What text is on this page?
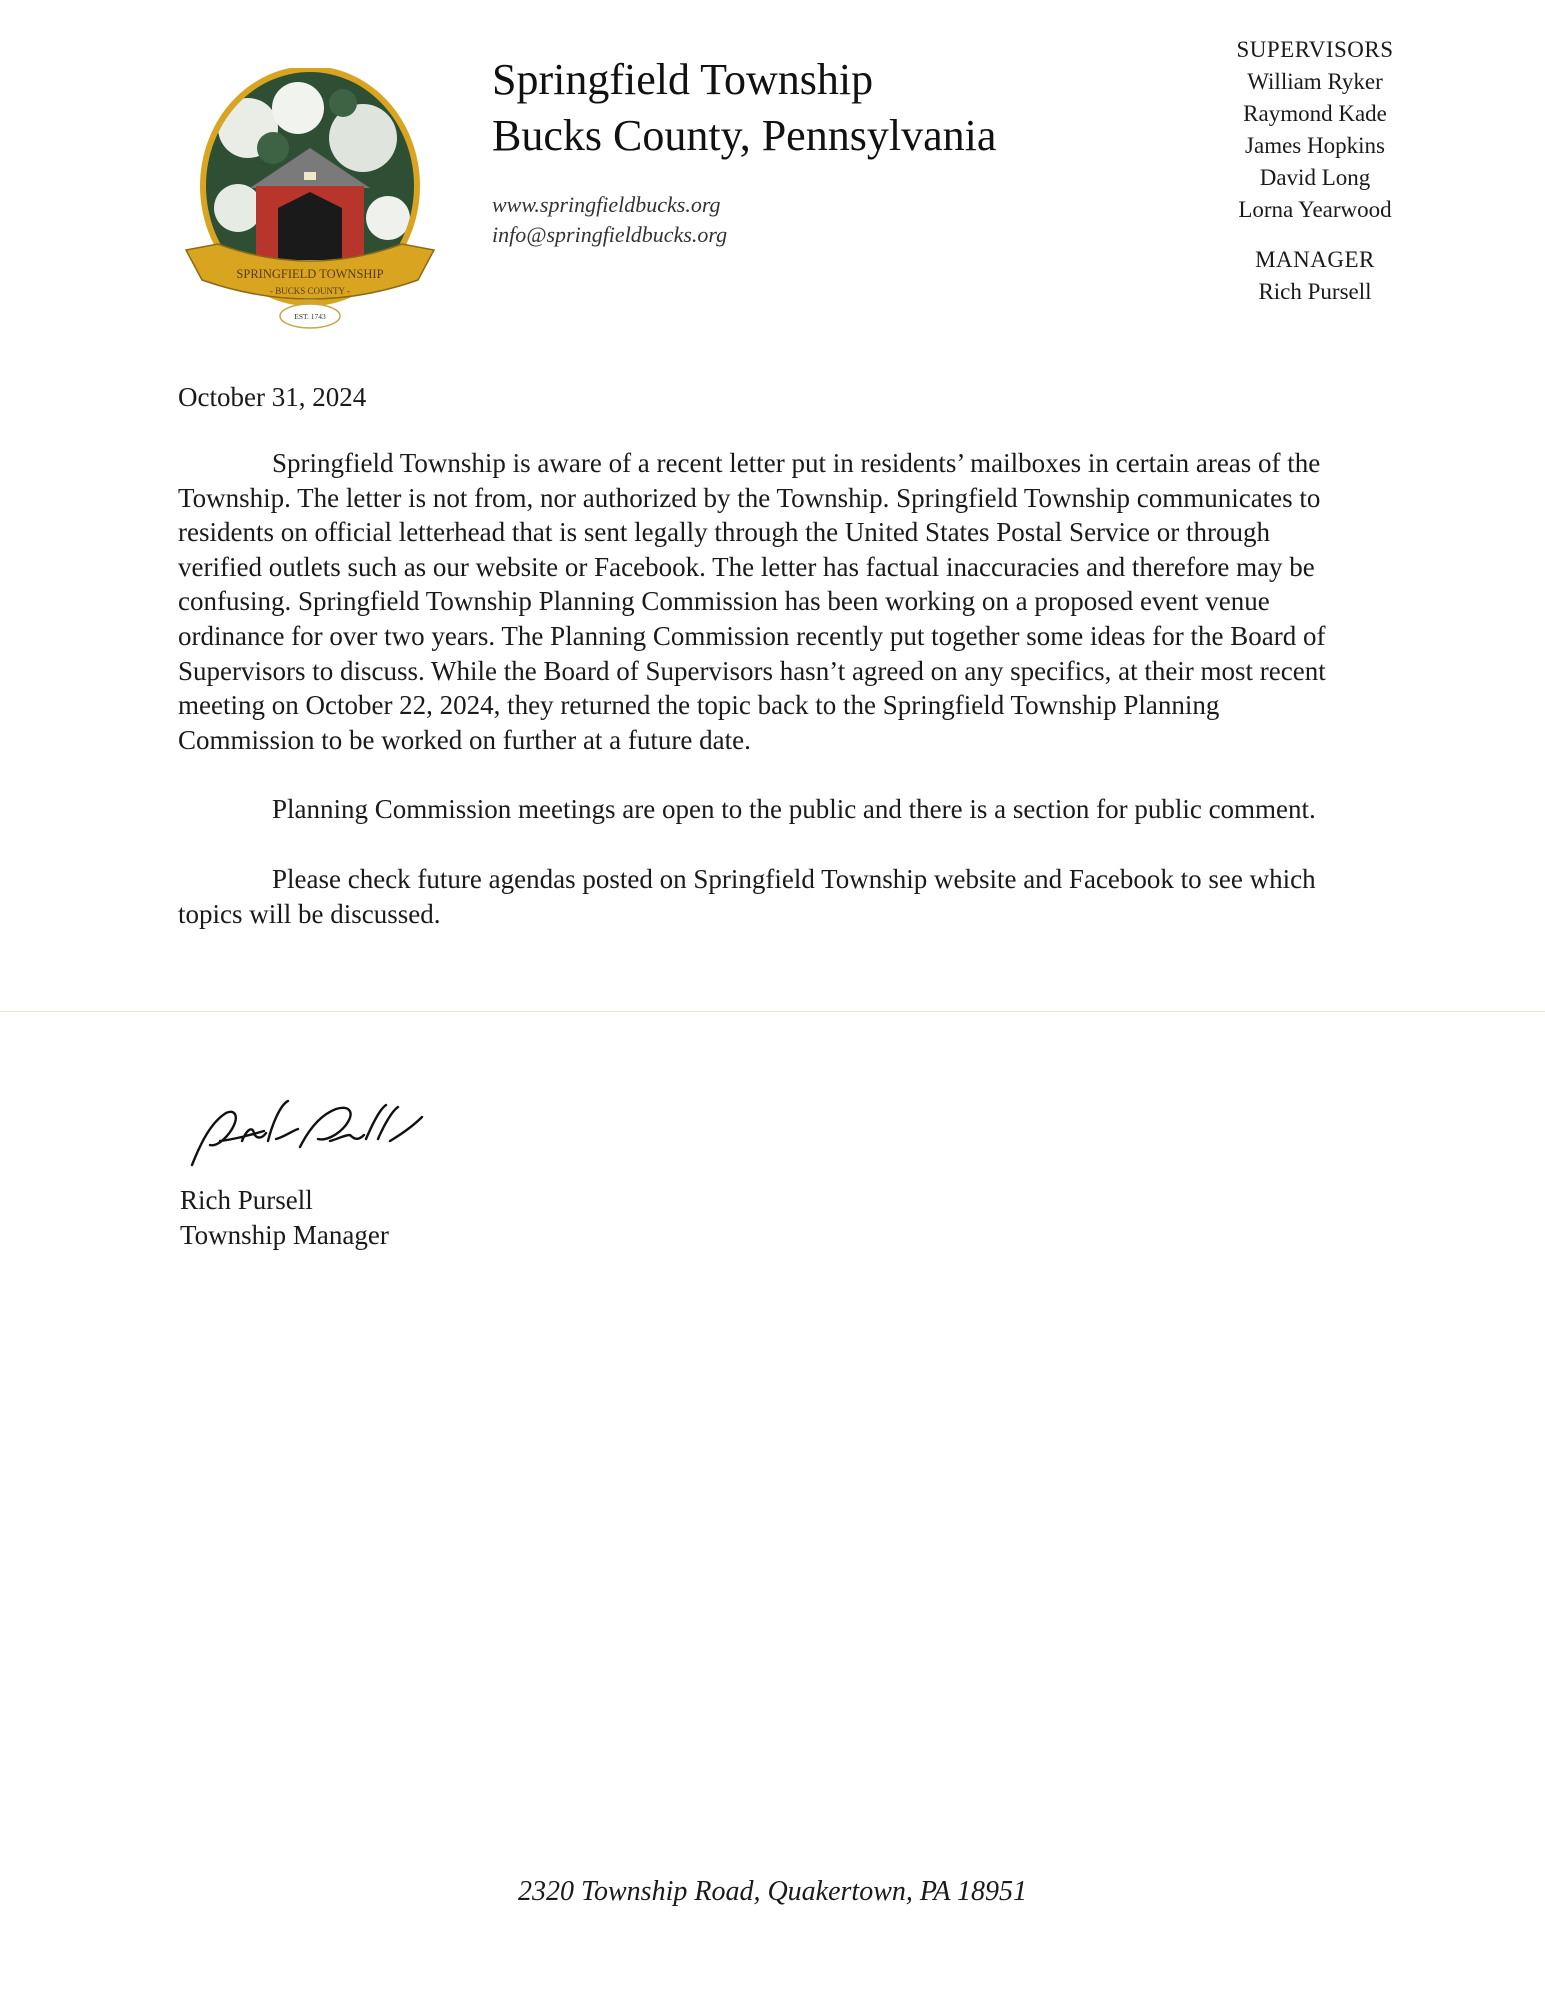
SPRINGFIELD TOWNSHIP
- BUCKS COUNTY -
EST. 1743
Springfield Township
Bucks County, Pennsylvania
www.springfieldbucks.org
info@springfieldbucks.org
SUPERVISORS
William Ryker
Raymond Kade
James Hopkins
David Long
Lorna Yearwood
MANAGER
Rich Pursell
October 31, 2024

Springfield Township is aware of a recent letter put in residents’ mailboxes in certain areas of the Township. The letter is not from, nor authorized by the Township. Springfield Township communicates to residents on official letterhead that is sent legally through the United States Postal Service or through verified outlets such as our website or Facebook. The letter has factual inaccuracies and therefore may be confusing. Springfield Township Planning Commission has been working on a proposed event venue ordinance for over two years. The Planning Commission recently put together some ideas for the Board of Supervisors to discuss. While the Board of Supervisors hasn’t agreed on any specifics, at their most recent meeting on October 22, 2024, they returned the topic back to the Springfield Township Planning Commission to be worked on further at a future date.

Planning Commission meetings are open to the public and there is a section for public comment.

Please check future agendas posted on Springfield Township website and Facebook to see which topics will be discussed.

Rich Pursell
Township Manager
2320 Township Road, Quakertown, PA 18951
